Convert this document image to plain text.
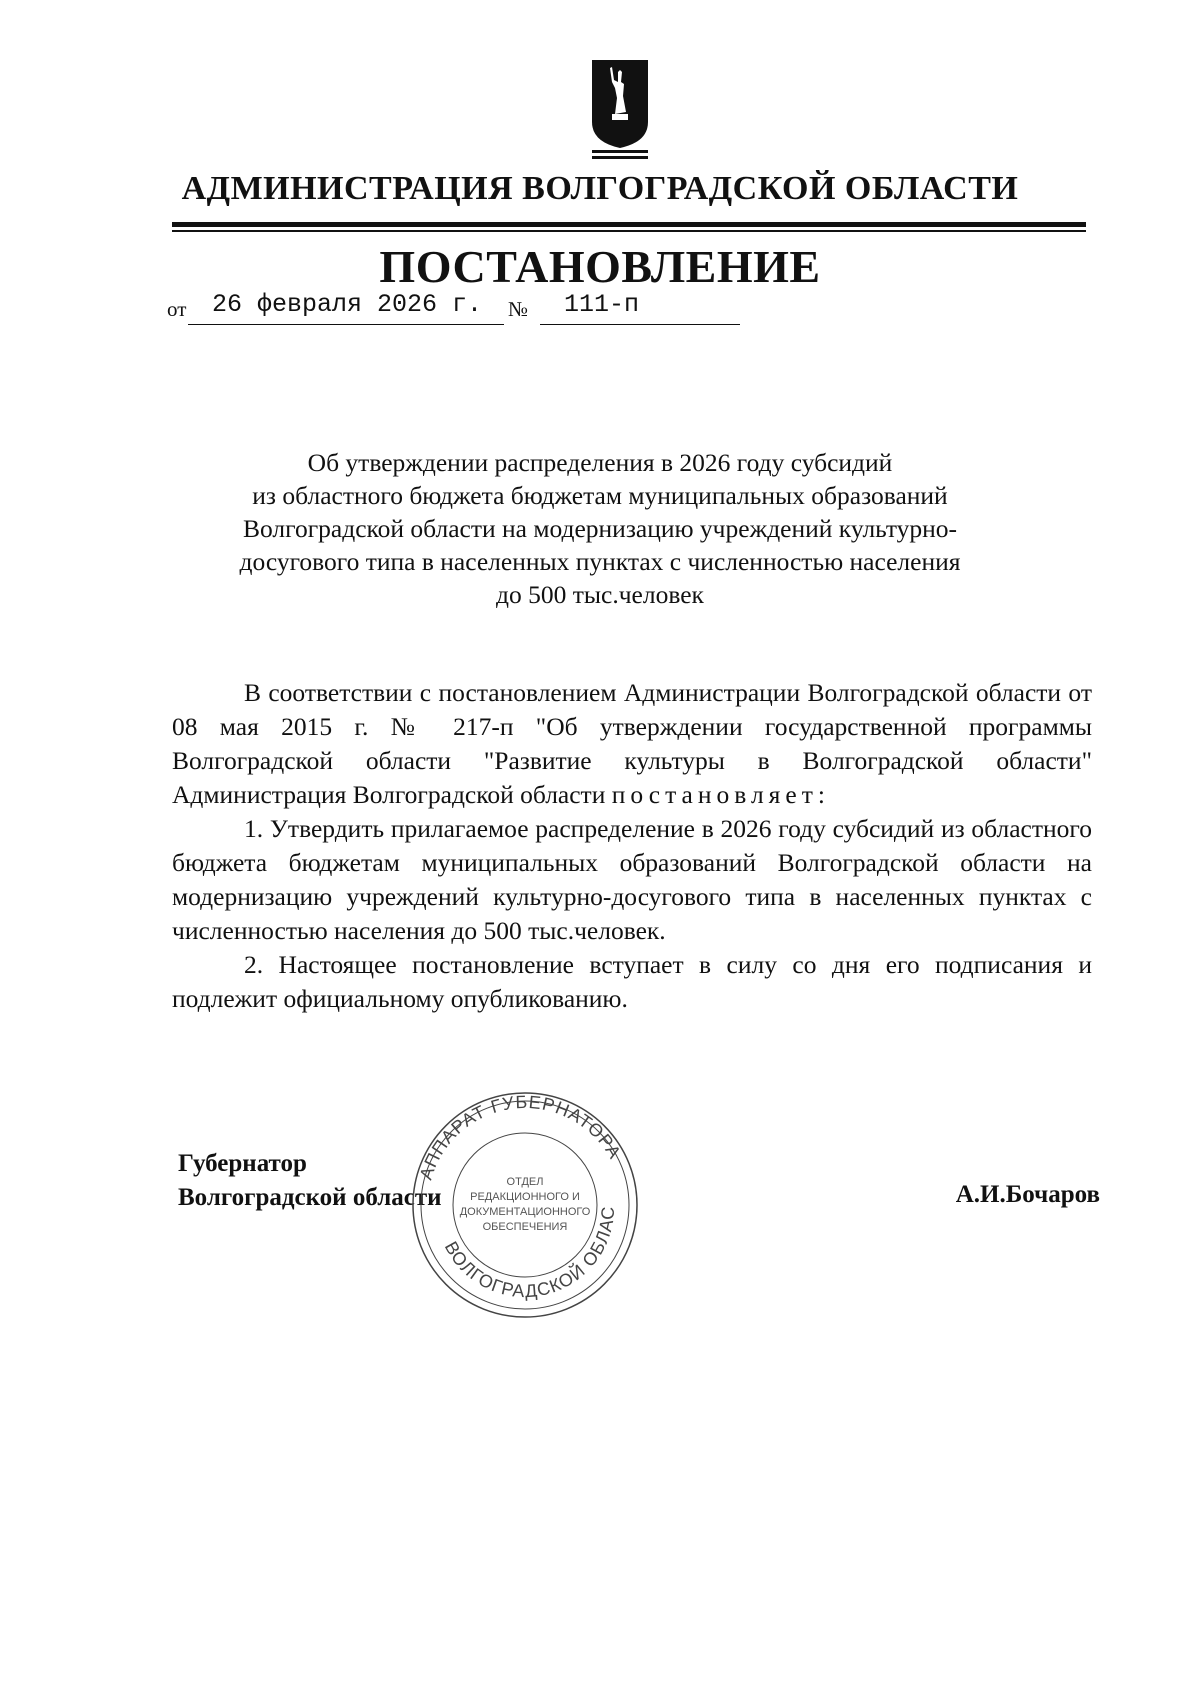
АДМИНИСТРАЦИЯ ВОЛГОГРАДСКОЙ ОБЛАСТИ
ПОСТАНОВЛЕНИЕ
от 26 февраля 2026 г. № 111-п
Об утверждении распределения в 2026 году субсидий
из областного бюджета бюджетам муниципальных образований
Волгоградской области на модернизацию учреждений культурно-
досугового типа в населенных пунктах с численностью населения
до 500 тыс.человек
В соответствии с постановлением Администрации Волгоградской области от 08 мая 2015 г. № 217-п "Об утверждении государственной программы Волгоградской области "Развитие культуры в Волгоградской области" Администрация Волгоградской области постановляет:
1. Утвердить прилагаемое распределение в 2026 году субсидий из областного бюджета бюджетам муниципальных образований Волгоградской области на модернизацию учреждений культурно-досугового типа в населенных пунктах с численностью населения до 500 тыс.человек.
2. Настоящее постановление вступает в силу со дня его подписания и подлежит официальному опубликованию.
Губернатор
Волгоградской области	А.И.Бочаров
АППАРАТ ГУБЕРНАТОРА
ВОЛГОГРАДСКОЙ ОБЛАС
ОТДЕЛ
РЕДАКЦИОННОГО И
ДОКУМЕНТАЦИОННОГО
ОБЕСПЕЧЕНИЯ
